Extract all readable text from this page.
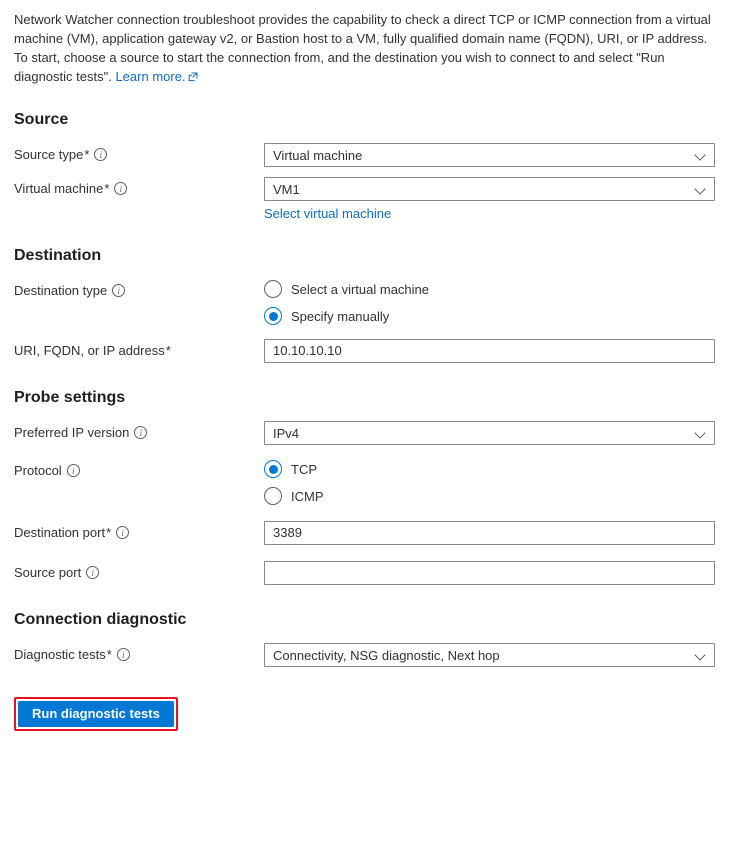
Network Watcher connection troubleshoot provides the capability to check a direct TCP or ICMP connection from a virtual machine (VM), application gateway v2, or Bastion host to a VM, fully qualified domain name (FQDN), URI, or IP address. To start, choose a source to start the connection from, and the destination you wish to connect to and select "Run diagnostic tests". Learn more.

Source
Source type* i	Virtual machine
Virtual machine* i	VM1
Select virtual machine
Destination
Destination type i	Select a virtual machine
Specify manually
URI, FQDN, or IP address*	10.10.10.10
Probe settings
Preferred IP version i	IPv4
Protocol i	TCP
ICMP
Destination port* i	3389
Source port i
Connection diagnostic
Diagnostic tests* i	Connectivity, NSG diagnostic, Next hop
Run diagnostic tests
